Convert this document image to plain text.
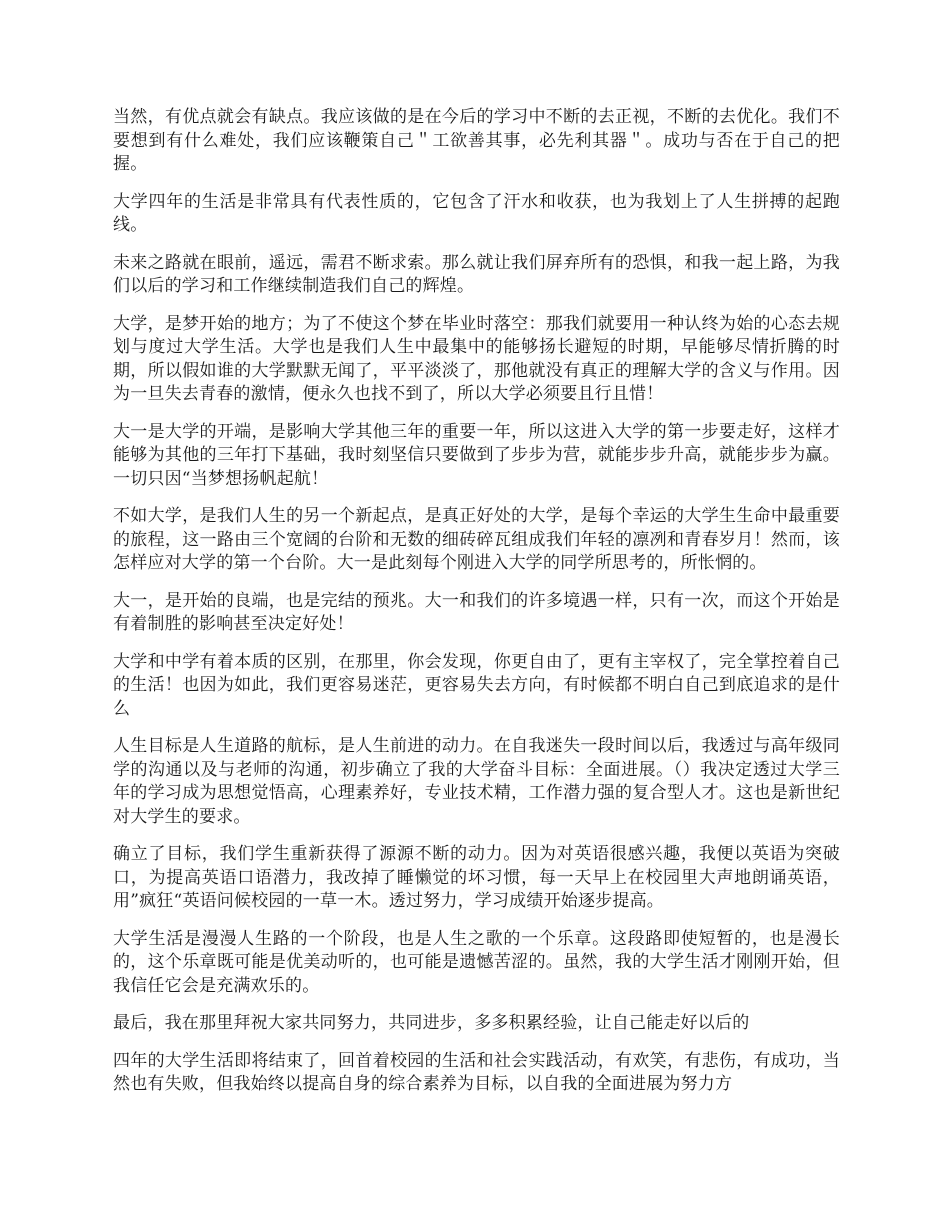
当然，有优点就会有缺点。我应该做的是在今后的学习中不断的去正视，不断的去优化。我们不要想到有什么难处，我们应该鞭策自己＂工欲善其事，必先利其器＂。成功与否在于自己的把握。

大学四年的生活是非常具有代表性质的，它包含了汗水和收获，也为我划上了人生拼搏的起跑线。

未来之路就在眼前，遥远，需君不断求索。那么就让我们屏弃所有的恐惧，和我一起上路，为我们以后的学习和工作继续制造我们自己的辉煌。

大学，是梦开始的地方；为了不使这个梦在毕业时落空：那我们就要用一种认终为始的心态去规划与度过大学生活。大学也是我们人生中最集中的能够扬长避短的时期，早能够尽情折腾的时期，所以假如谁的大学默默无闻了，平平淡淡了，那他就没有真正的理解大学的含义与作用。因为一旦失去青春的激情，便永久也找不到了，所以大学必须要且行且惜！

大一是大学的开端，是影响大学其他三年的重要一年，所以这进入大学的第一步要走好，这样才能够为其他的三年打下基础，我时刻坚信只要做到了步步为营，就能步步升高，就能步步为赢。一切只因“当梦想扬帆起航！

不如大学，是我们人生的另一个新起点，是真正好处的大学，是每个幸运的大学生生命中最重要的旅程，这一路由三个宽阔的台阶和无数的细砖碎瓦组成我们年轻的凛冽和青春岁月！然而，该怎样应对大学的第一个台阶。大一是此刻每个刚进入大学的同学所思考的，所怅惘的。

大一，是开始的良端，也是完结的预兆。大一和我们的许多境遇一样，只有一次，而这个开始是有着制胜的影响甚至决定好处！

大学和中学有着本质的区别，在那里，你会发现，你更自由了，更有主宰权了，完全掌控着自己的生活！也因为如此，我们更容易迷茫，更容易失去方向，有时候都不明白自己到底追求的是什么

人生目标是人生道路的航标，是人生前进的动力。在自我迷失一段时间以后，我透过与高年级同学的沟通以及与老师的沟通，初步确立了我的大学奋斗目标：全面进展。（）我决定透过大学三年的学习成为思想觉悟高，心理素养好，专业技术精，工作潜力强的复合型人才。这也是新世纪对大学生的要求。

确立了目标，我们学生重新获得了源源不断的动力。因为对英语很感兴趣，我便以英语为突破口，为提高英语口语潜力，我改掉了睡懒觉的坏习惯，每一天早上在校园里大声地朗诵英语，用”疯狂“英语问候校园的一草一木。透过努力，学习成绩开始逐步提高。

大学生活是漫漫人生路的一个阶段，也是人生之歌的一个乐章。这段路即使短暂的，也是漫长的，这个乐章既可能是优美动听的，也可能是遗憾苦涩的。虽然，我的大学生活才刚刚开始，但我信任它会是充满欢乐的。

最后，我在那里拜祝大家共同努力，共同进步，多多积累经验，让自己能走好以后的

四年的大学生活即将结束了，回首着校园的生活和社会实践活动，有欢笑，有悲伤，有成功，当然也有失败，但我始终以提高自身的综合素养为目标，以自我的全面进展为努力方
